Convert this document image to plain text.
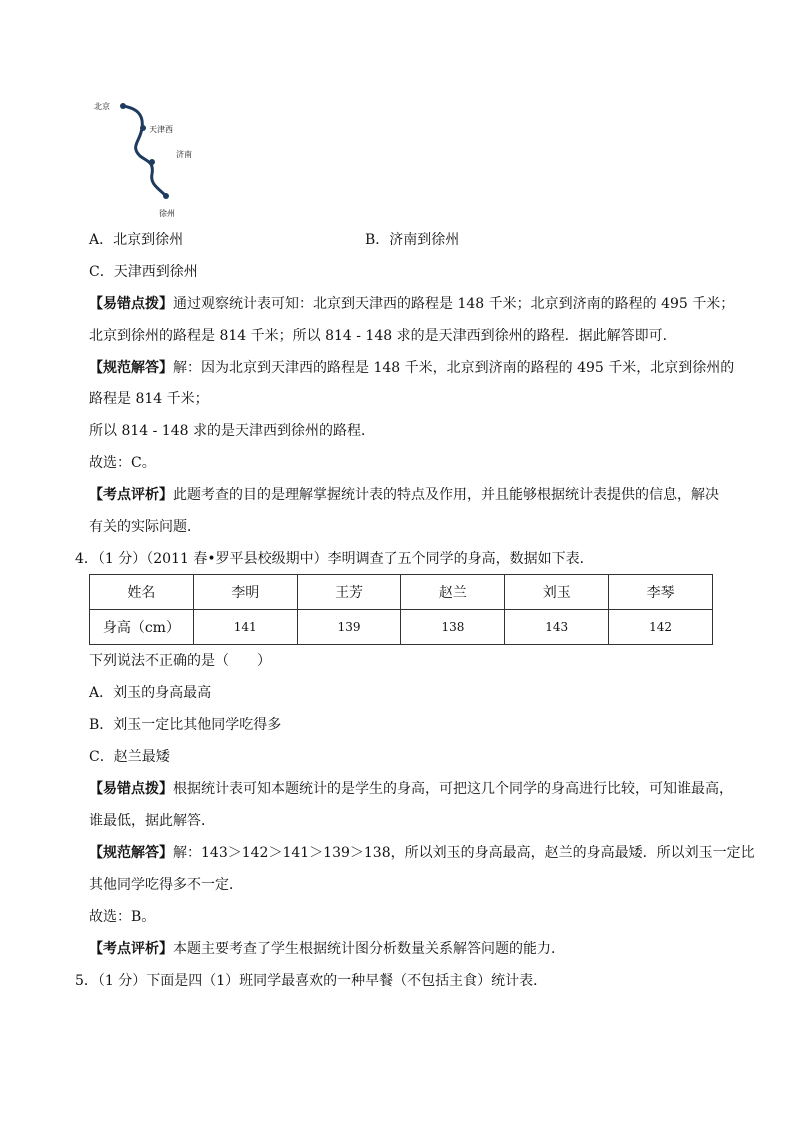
北京
天津西
济南
徐州
A．北京到徐州	B．济南到徐州
C．天津西到徐州
【易错点拨】通过观察统计表可知：北京到天津西的路程是 148 千米；北京到济南的路程的 495 千米；
北京到徐州的路程是 814 千米；所以 814 - 148 求的是天津西到徐州的路程．据此解答即可．
【规范解答】解：因为北京到天津西的路程是 148 千米，北京到济南的路程的 495 千米，北京到徐州的
路程是 814 千米；
所以 814 - 148 求的是天津西到徐州的路程．
故选：C。
【考点评析】此题考查的目的是理解掌握统计表的特点及作用，并且能够根据统计表提供的信息，解决
有关的实际问题．
4．（1 分）（2011 春•罗平县校级期中）李明调查了五个同学的身高，数据如下表．
姓名	李明	王芳	赵兰	刘玉	李琴
身高（cm）	141	139	138	143	142
下列说法不正确的是（　　）
A．刘玉的身高最高
B．刘玉一定比其他同学吃得多
C．赵兰最矮
【易错点拨】根据统计表可知本题统计的是学生的身高，可把这几个同学的身高进行比较，可知谁最高，
谁最低，据此解答．
【规范解答】解：143＞142＞141＞139＞138，所以刘玉的身高最高，赵兰的身高最矮．所以刘玉一定比
其他同学吃得多不一定．
故选：B。
【考点评析】本题主要考查了学生根据统计图分析数量关系解答问题的能力．
5．（1 分）下面是四（1）班同学最喜欢的一种早餐（不包括主食）统计表．
